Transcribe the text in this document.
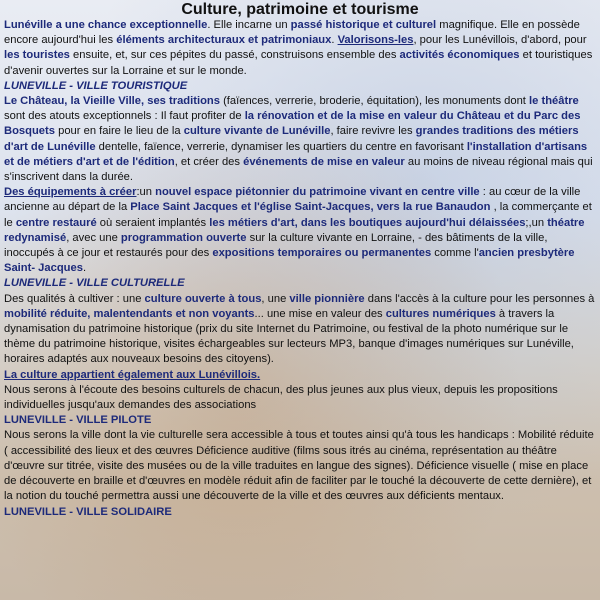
Culture, patrimoine et tourisme

Lunéville a une chance exceptionnelle. Elle incarne un passé historique et culturel magnifique. Elle en possède encore aujourd'hui les éléments architecturaux et patrimoniaux. Valorisons-les, pour les Lunévillois, d'abord, pour les touristes ensuite, et, sur ces pépites du passé, construisons ensemble des activités économiques et touristiques d'avenir ouvertes sur la Lorraine et sur le monde.

LUNEVILLE - VILLE TOURISTIQUE

Le Château, la Vieille Ville, ses traditions (faïences, verrerie, broderie, équitation), les monuments dont le théâtre sont des atouts exceptionnels : Il faut profiter de la rénovation et de la mise en valeur du Château et du Parc des Bosquets pour en faire le lieu de la culture vivante de Lunéville, faire revivre les grandes traditions des métiers d'art de Lunéville dentelle, faïence, verrerie, dynamiser les quartiers du centre en favorisant l'installation d'artisans et de métiers d'art et de l'édition, et créer des événements de mise en valeur au moins de niveau régional mais qui s'inscrivent dans la durée.

Des équipements à créer:un nouvel espace piétonnier du patrimoine vivant en centre ville : au cœur de la ville ancienne au départ de la Place Saint Jacques et l'église Saint-Jacques, vers la rue Banaudon , la commerçante et le centre restauré où seraient implantés les métiers d'art, dans les boutiques aujourd'hui délaissées;,un théatre redynamisé, avec une programmation ouverte sur la culture vivante en Lorraine, - des bâtiments de la ville, inoccupés à ce jour et restaurés pour des expositions temporaires ou permanentes comme l'ancien presbytère Saint- Jacques.

LUNEVILLE - VILLE CULTURELLE

Des qualités à cultiver : une culture ouverte à tous, une ville pionnière dans l'accès à la culture pour les personnes à mobilité réduite, malentendants et non voyants... une mise en valeur des cultures numériques à travers la dynamisation du patrimoine historique (prix du site Internet du Patrimoine, ou festival de la photo numérique sur le thème du patrimoine historique, visites échargeables sur lecteurs MP3, banque d'images numériques sur Lunéville, horaires adaptés aux nouveaux besoins des citoyens).

La culture appartient également aux Lunévillois.

Nous serons à l'écoute des besoins culturels de chacun, des plus jeunes aux plus vieux, depuis les propositions individuelles jusqu'aux demandes des associations

LUNEVILLE - VILLE PILOTE

Nous serons la ville dont la vie culturelle sera accessible à tous et toutes ainsi qu'à tous les handicaps : Mobilité réduite ( accessibilité des lieux et des œuvres Déficience auditive (films sous itrés au cinéma, représentation au théâtre d'œuvre sur titrée, visite des musées ou de la ville traduites en langue des signes). Déficience visuelle ( mise en place de découverte en braille et d'œuvres en modèle réduit afin de faciliter par le touché la découverte de cette dernière), et la notion du touché permettra aussi une découverte de la ville et des œuvres aux déficients mentaux.

LUNEVILLE - VILLE SOLIDAIRE
